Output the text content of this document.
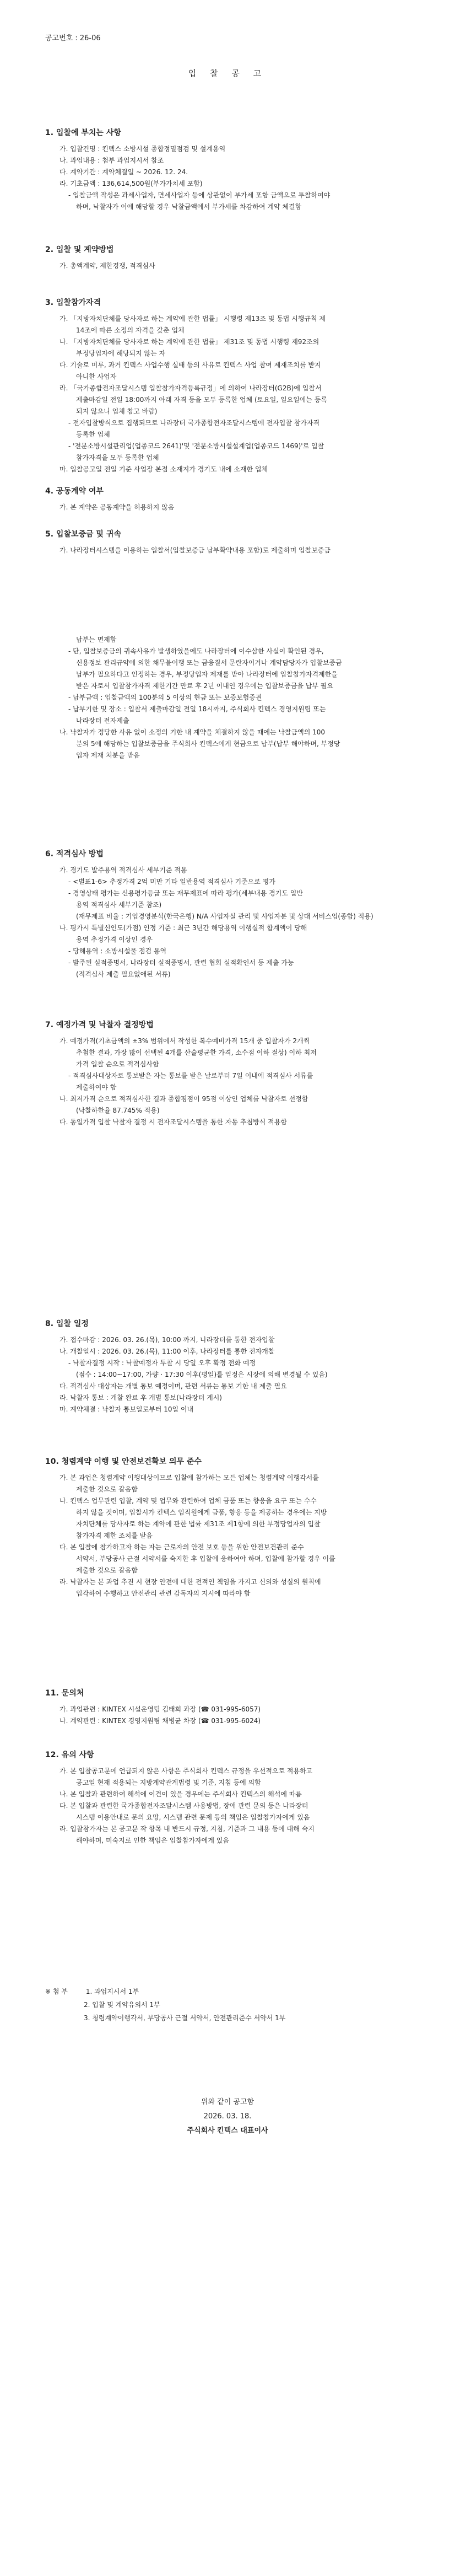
공고번호 : 26-06
입 찰 공 고
1. 입찰에 부치는 사항

가. 입찰건명 : 킨텍스 소방시설 종합정밀점검 및 설계용역

나. 과업내용 : 첨부 과업지시서 참조

다. 계약기간 : 계약체결일 ~ 2026. 12. 24.

라. 기초금액 : 136,614,500원(부가가치세 포함)

- 입찰금액 작성은 과세사업자, 면세사업자 등에 상관없이 부가세 포함 금액으로 투찰하여야

하며, 낙찰자가 이에 해당할 경우 낙찰금액에서 부가세를 차감하여 계약 체결함

2. 입찰 및 계약방법

가. 총액계약, 제한경쟁, 적격심사

3. 입찰참가자격

가. 「지방자치단체를 당사자로 하는 계약에 관한 법률」 시행령 제13조 및 동법 시행규칙 제

14조에 따른 소정의 자격을 갖춘 업체

나. 「지방자치단체를 당사자로 하는 계약에 관한 법률」 제31조 및 동법 시행령 제92조의

부정당업자에 해당되지 않는 자

다. 기술로 미루, 과거 킨텍스 사업수행 실태 등의 사유로 킨텍스 사업 참여 제재조치를 받지

아니한 사업자

라. 「국가종합전자조달시스템 입찰참가자격등록규정」에 의하여 나라장터(G2B)에 입찰서

제출마감일 전일 18:00까지 아래 자격 등을 모두 등록한 업체 (토요일, 일요일에는 등록

되지 않으니 업체 참고 바람)

- 전자입찰방식으로 집행되므로 나라장터 국가종합전자조달시스템에 전자입찰 참가자격

등록한 업체

- '전문소방시설관리업(업종코드 2641)'및 '전문소방시설설계업(업종코드 1469)'로 입찰

참가자격을 모두 등록한 업체

마. 입찰공고일 전일 기준 사업장 본점 소재지가 경기도 내에 소재한 업체

4. 공동계약 여부

가. 본 계약은 공동계약을 허용하지 않음

5. 입찰보증금 및 귀속

가. 나라장터시스템을 이용하는 입찰서(입찰보증금 납부확약내용 포함)로 제출하며 입찰보증금

납부는 면제함

- 단, 입찰보증금의 귀속사유가 발생하였을에도 나라장터에 이수삼한 사실이 확인된 경우,

신용정보 관리규약에 의한 채무불이행 또는 금융질서 문란자이거나 계약담당자가 입찰보증금

납부가 필요하다고 인정하는 경우, 부정당업자 제재를 받아 나라장터에 입찰참가자격제한을

받은 자로서 입찰참가자격 제한기간 만료 후 2년 이내인 경우에는 입찰보증금을 납부 필요

- 납부금액 : 입찰금액의 100분의 5 이상의 현금 또는 보증보험증권

- 납부기한 및 장소 : 입찰서 제출마감일 전일 18시까지, 주식회사 킨텍스 경영지원팀 또는

나라장터 전자제출

나. 낙찰자가 정당한 사유 없이 소정의 기한 내 계약을 체결하지 않을 때에는 낙찰금액의 100

분의 5에 해당하는 입찰보증금을 주식회사 킨텍스에게 현금으로 납부(납부 해야하며, 부정당

업자 제재 처분을 받음

6. 적격심사 방법

가. 경기도 발주용역 적격심사 세부기준 적용

- <별표1-6> 추정가격 2억 미만 기타 일반용역 적격심사 기준으로 평가

- 경영상태 평가는 신용평가등급 또는 재무제표에 따라 평가(세부내용 경기도 일반

용역 적격심사 세부기준 참조)

(재무제표 비율 : 기업경영분석(한국은행) N/A 사업자실 관리 및 사업자분 및 상대 서비스업(종합) 적용)

나. 평가시 특별신인도(가점) 인정 기준 : 최근 3년간 해당용역 이행실적 합계액이 당해

용역 추정가격 이상인 경우

- 당해용역 : 소방시설물 점검 용역

- 발주된 실적증명서, 나라장터 실적증명서, 관련 협회 실적확인서 등 제출 가능

(적격심사 제출 필요없애된 서류)

7. 예정가격 및 낙찰자 결정방법

가. 예정가격(기초금액의 ±3% 범위에서 작성한 복수예비가격 15개 중 입찰자가 2개씩

추첨한 결과, 가장 많이 선택된 4개를 산술평균한 가격, 소수점 이하 절상) 이하 최저

가격 입찰 순으로 적격심사함

- 적격심사대상자로 통보받은 자는 통보를 받은 날로부터 7일 이내에 적격심사 서류를

제출하여야 함

나. 최저가격 순으로 적격심사한 결과 종합평점이 95점 이상인 업체를 낙찰자로 선정함

(낙찰하한율 87.745% 적용)

다. 동일가격 입찰 낙찰자 결정 시 전자조달시스템을 통한 자동 추첨방식 적용함

8. 입찰 일정

가. 접수마감 : 2026. 03. 26.(목), 10:00 까지, 나라장터를 통한 전자입찰

나. 개찰일시 : 2026. 03. 26.(목), 11:00 이후, 나라장터를 통한 전자개찰

- 낙찰자결정 시작 : 낙찰예정자 투찰 시 당일 오후 확정 전화 예정

(점수 : 14:00~17:00, 가량 · 17:30 이후(평일)를 일정은 시장에 의해 변경될 수 있음)

다. 적격심사 대상자는 개별 통보 예정이며, 관련 서류는 통보 기한 내 제출 필요

라. 낙찰자 통보 : 개찰 완료 후 개별 통보(나라장터 게시)

마. 계약체결 : 낙찰자 통보일로부터 10일 이내

10. 청렴계약 이행 및 안전보건확보 의무 준수

가. 본 과업은 청렴계약 이행대상이므로 입찰에 참가하는 모든 업체는 청렴계약 이행각서를

제출한 것으로 갈음함

나. 킨텍스 업무관련 입찰, 계약 및 업무와 관련하여 업체 금품 또는 향응을 요구 또는 수수

하지 않을 것이며, 입찰시가 킨텍스 임직원에게 금품, 향응 등을 제공하는 경우에는 지방

자치단체를 당사자로 하는 계약에 관한 법률 제31조 제1항에 의한 부정당업자의 입찰

참가자격 제한 조치를 받음

다. 본 입찰에 참가하고자 하는 자는 근로자의 안전 보호 등을 위한 안전보건관리 준수

서약서, 부당공사 근절 서약서를 숙지한 후 입찰에 응하여야 하며, 입찰에 참가할 경우 이를

제출한 것으로 갈음함

라. 낙찰자는 본 과업 추진 시 현장 안전에 대한 전적인 책임을 가지고 신의와 성실의 원칙에

입각하여 수행하고 안전관리 관련 감독자의 지시에 따라야 함

11. 문의처

가. 과업관련 : KINTEX 시설운영팀 김태희 과장 (☎ 031-995-6057)

나. 계약관련 : KINTEX 경영지원팀 채병균 차장 (☎ 031-995-6024)

12. 유의 사항

가. 본 입찰공고문에 언급되지 않은 사항은 주식회사 킨텍스 규정을 우선적으로 적용하고

공고일 현재 적용되는 지방계약관계법령 및 기준, 지침 등에 의함

나. 본 입찰과 관련하여 해석에 이견이 있을 경우에는 주식회사 킨텍스의 해석에 따름

다. 본 입찰과 관련한 국가종합전자조달시스템 사용방법, 장애 관련 문의 등은 나라장터

시스템 이용안내로 문의 요망, 시스템 관련 문제 등의 책임은 입찰참가자에게 있음

라. 입찰참가자는 본 공고문 작 항목 내 반드시 규정, 지침, 기준과 그 내용 등에 대해 숙지

해야하며, 미숙지로 인한 책임은 입찰참가자에게 있음

※ 첨 부	1. 과업지시서 1부

2. 입찰 및 계약유의서 1부
3. 청렴계약이행각서, 부당공사 근절 서약서, 안전관리준수 서약서 1부

위와 같이 공고함

2026. 03. 18.

주식회사 킨텍스 대표이사
